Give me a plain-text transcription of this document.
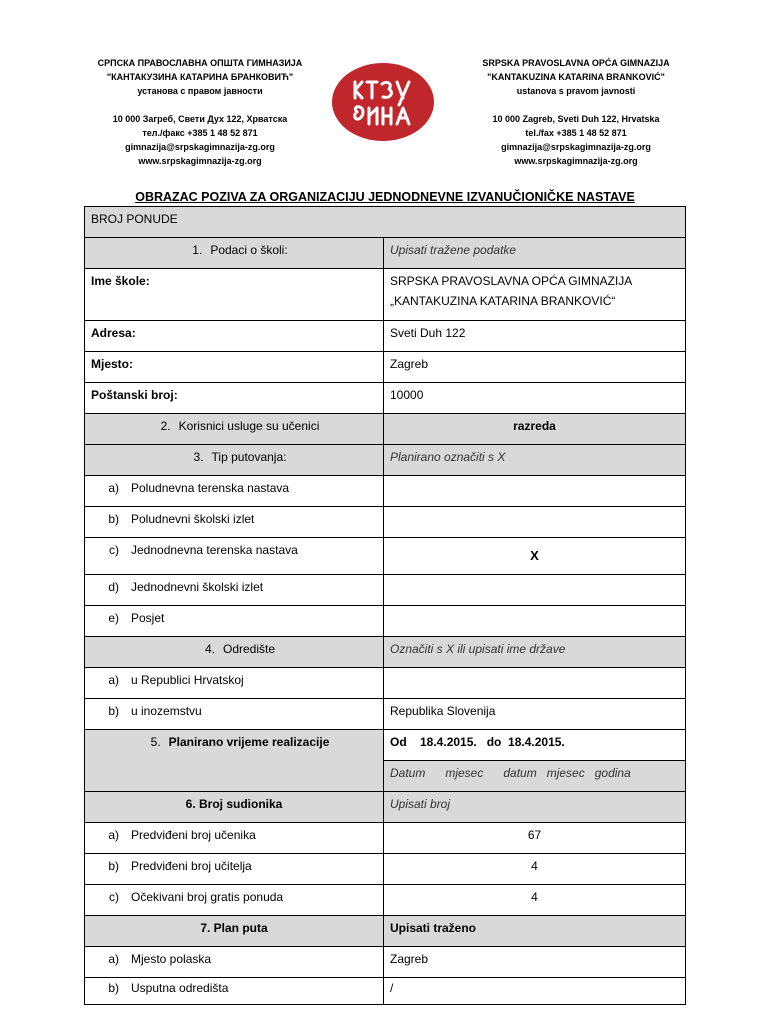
СРПСКА ПРАВОСЛАВНА ОПШТА ГИМНАЗИЈА
"КАНТАКУЗИНА КАТАРИНА БРАНКОВИЋ"
установа с правом јавности
10 000 Загреб, Свети Дух 122, Хрватска
тел./факс +385 1 48 52 871
gimnazija@srpskagimnazija-zg.org
www.srpskagimnazija-zg.org
SRPSKA PRAVOSLAVNA OPĆA GIMNAZIJA
"KANTAKUZINA KATARINA BRANKOVIĆ"
ustanova s pravom javnosti
10 000 Zagreb, Sveti Duh 122, Hrvatska
tel./fax +385 1 48 52 871
gimnazija@srpskagimnazija-zg.org
www.srpskagimnazija-zg.org
OBRAZAC POZIVA ZA ORGANIZACIJU JEDNODNEVNE IZVANUČIONIČKE NASTAVE
BROJ PONUDE	
1. Podaci o školi:	Upisati tražene podatke
Ime škole:	SRPSKA PRAVOSLAVNA OPĆA GIMNAZIJA
„KANTAKUZINA KATARINA BRANKOVIĆ“

Adresa:	Sveti Duh 122
Mjesto:	Zagreb
Poštanski broj:	10000
2. Korisnici usluge su učenici	razreda
3. Tip putovanja:	Planirano označiti s X
a) Poludnevna terenska nastava	
b) Poludnevni školski izlet	
c) Jednodnevna terenska nastava	X
d) Jednodnevni školski izlet	
e) Posjet	
4. Odredište	Označiti s X ili upisati ime države
a) u Republici Hrvatskoj	
b) u inozemstvu	Republika Slovenija
5. Planirano vrijeme realizacije	Od    18.4.2015.   do  18.4.2015.
	Datum      mjesec      datum   mjesec   godina
6. Broj sudionika	Upisati broj
a) Predviđeni broj učenika	67
b) Predviđeni broj učitelja	4
c) Očekivani broj gratis ponuda	4
7. Plan puta	Upisati traženo
a) Mjesto polaska	Zagreb
b) Usputna odredišta	/
